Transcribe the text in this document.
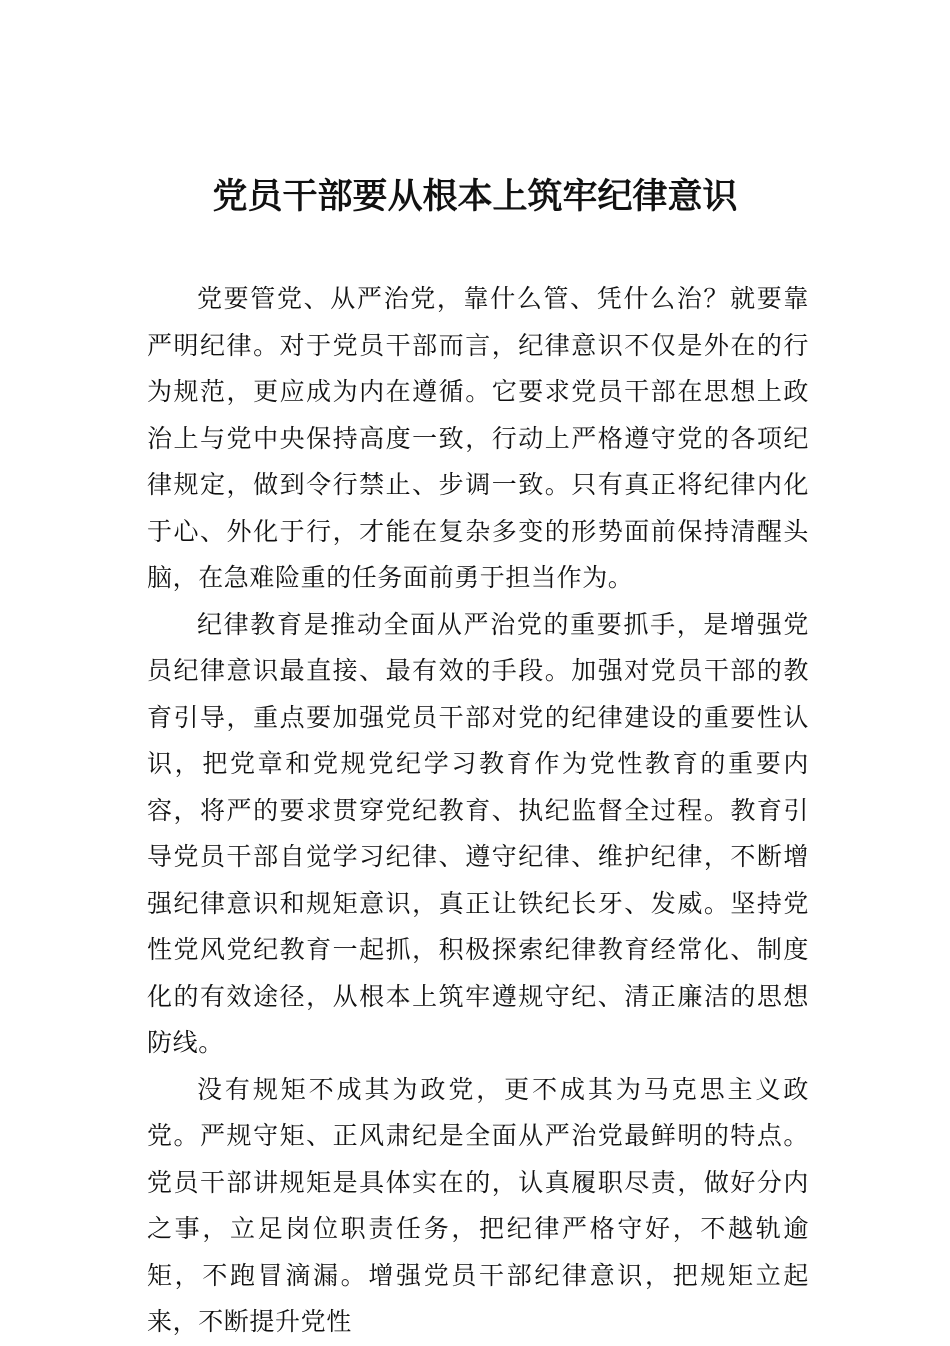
党员干部要从根本上筑牢纪律意识

党要管党、从严治党，靠什么管、凭什么治？就要靠严明纪律。对于党员干部而言，纪律意识不仅是外在的行为规范，更应成为内在遵循。它要求党员干部在思想上政治上与党中央保持高度一致，行动上严格遵守党的各项纪律规定，做到令行禁止、步调一致。只有真正将纪律内化于心、外化于行，才能在复杂多变的形势面前保持清醒头脑，在急难险重的任务面前勇于担当作为。

纪律教育是推动全面从严治党的重要抓手，是增强党员纪律意识最直接、最有效的手段。加强对党员干部的教育引导，重点要加强党员干部对党的纪律建设的重要性认识，把党章和党规党纪学习教育作为党性教育的重要内容，将严的要求贯穿党纪教育、执纪监督全过程。教育引导党员干部自觉学习纪律、遵守纪律、维护纪律，不断增强纪律意识和规矩意识，真正让铁纪长牙、发威。坚持党性党风党纪教育一起抓，积极探索纪律教育经常化、制度化的有效途径，从根本上筑牢遵规守纪、清正廉洁的思想防线。

没有规矩不成其为政党，更不成其为马克思主义政党。严规守矩、正风肃纪是全面从严治党最鲜明的特点。党员干部讲规矩是具体实在的，认真履职尽责，做好分内之事，立足岗位职责任务，把纪律严格守好，不越轨逾矩，不跑冒滴漏。增强党员干部纪律意识，把规矩立起来，不断提升党性
